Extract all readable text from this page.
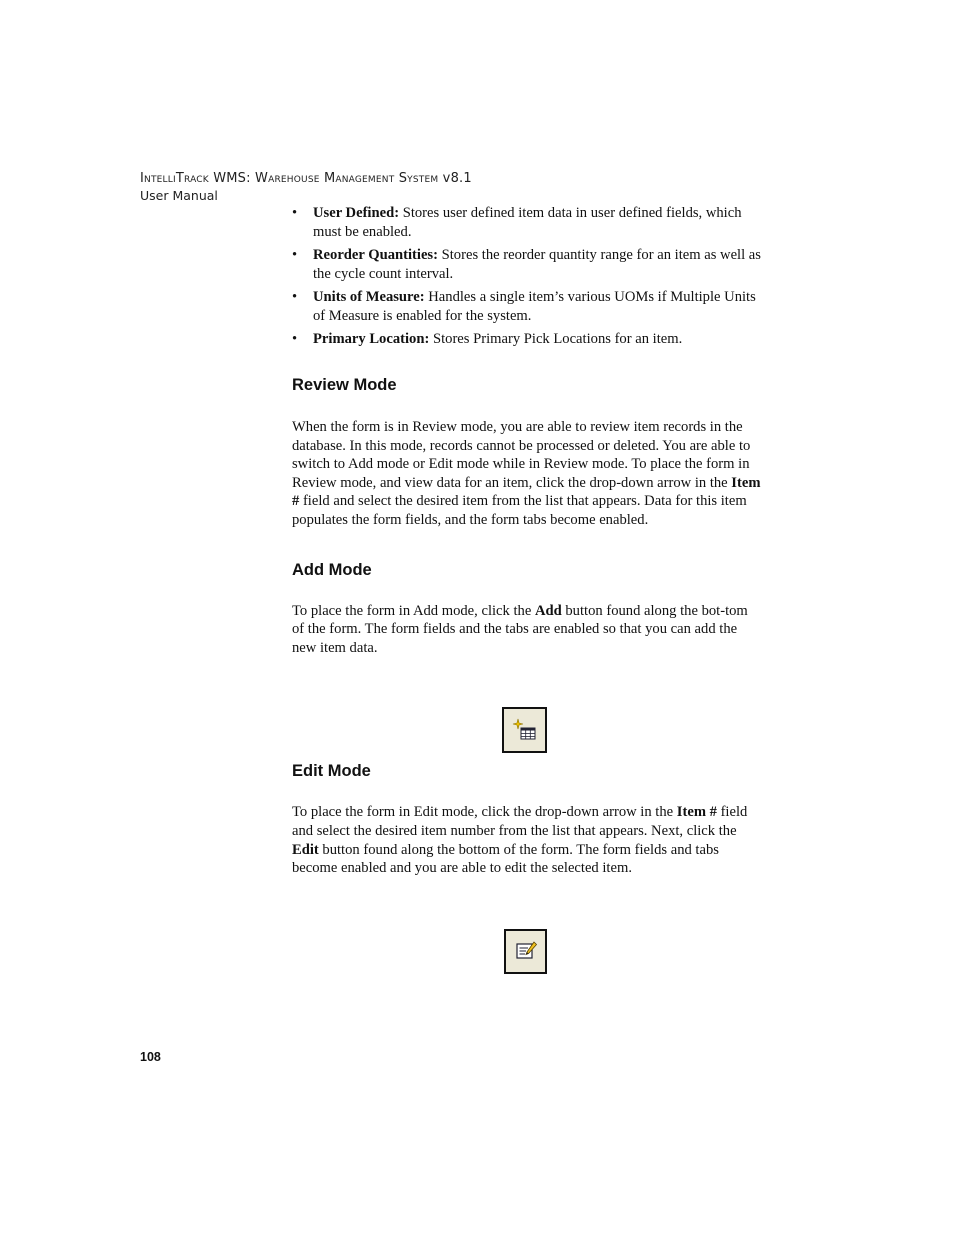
IntelliTrack WMS: Warehouse Management System v8.1
User Manual
• User Defined: Stores user defined item data in user defined fields, which must be enabled.
• Reorder Quantities: Stores the reorder quantity range for an item as well as the cycle count interval.
• Units of Measure: Handles a single item’s various UOMs if Multiple Units of Measure is enabled for the system.
• Primary Location: Stores Primary Pick Locations for an item.
Review Mode

When the form is in Review mode, you are able to review item records in the database. In this mode, records cannot be processed or deleted. You are able to switch to Add mode or Edit mode while in Review mode. To place the form in Review mode, and view data for an item, click the drop-down arrow in the Item # field and select the desired item from the list that appears. Data for this item populates the form fields, and the form tabs become enabled.

Add Mode

To place the form in Add mode, click the Add button found along the bot-tom of the form. The form fields and the tabs are enabled so that you can add the new item data.

Edit Mode

To place the form in Edit mode, click the drop-down arrow in the Item # field and select the desired item number from the list that appears. Next, click the Edit button found along the bottom of the form. The form fields and tabs become enabled and you are able to edit the selected item.

108
